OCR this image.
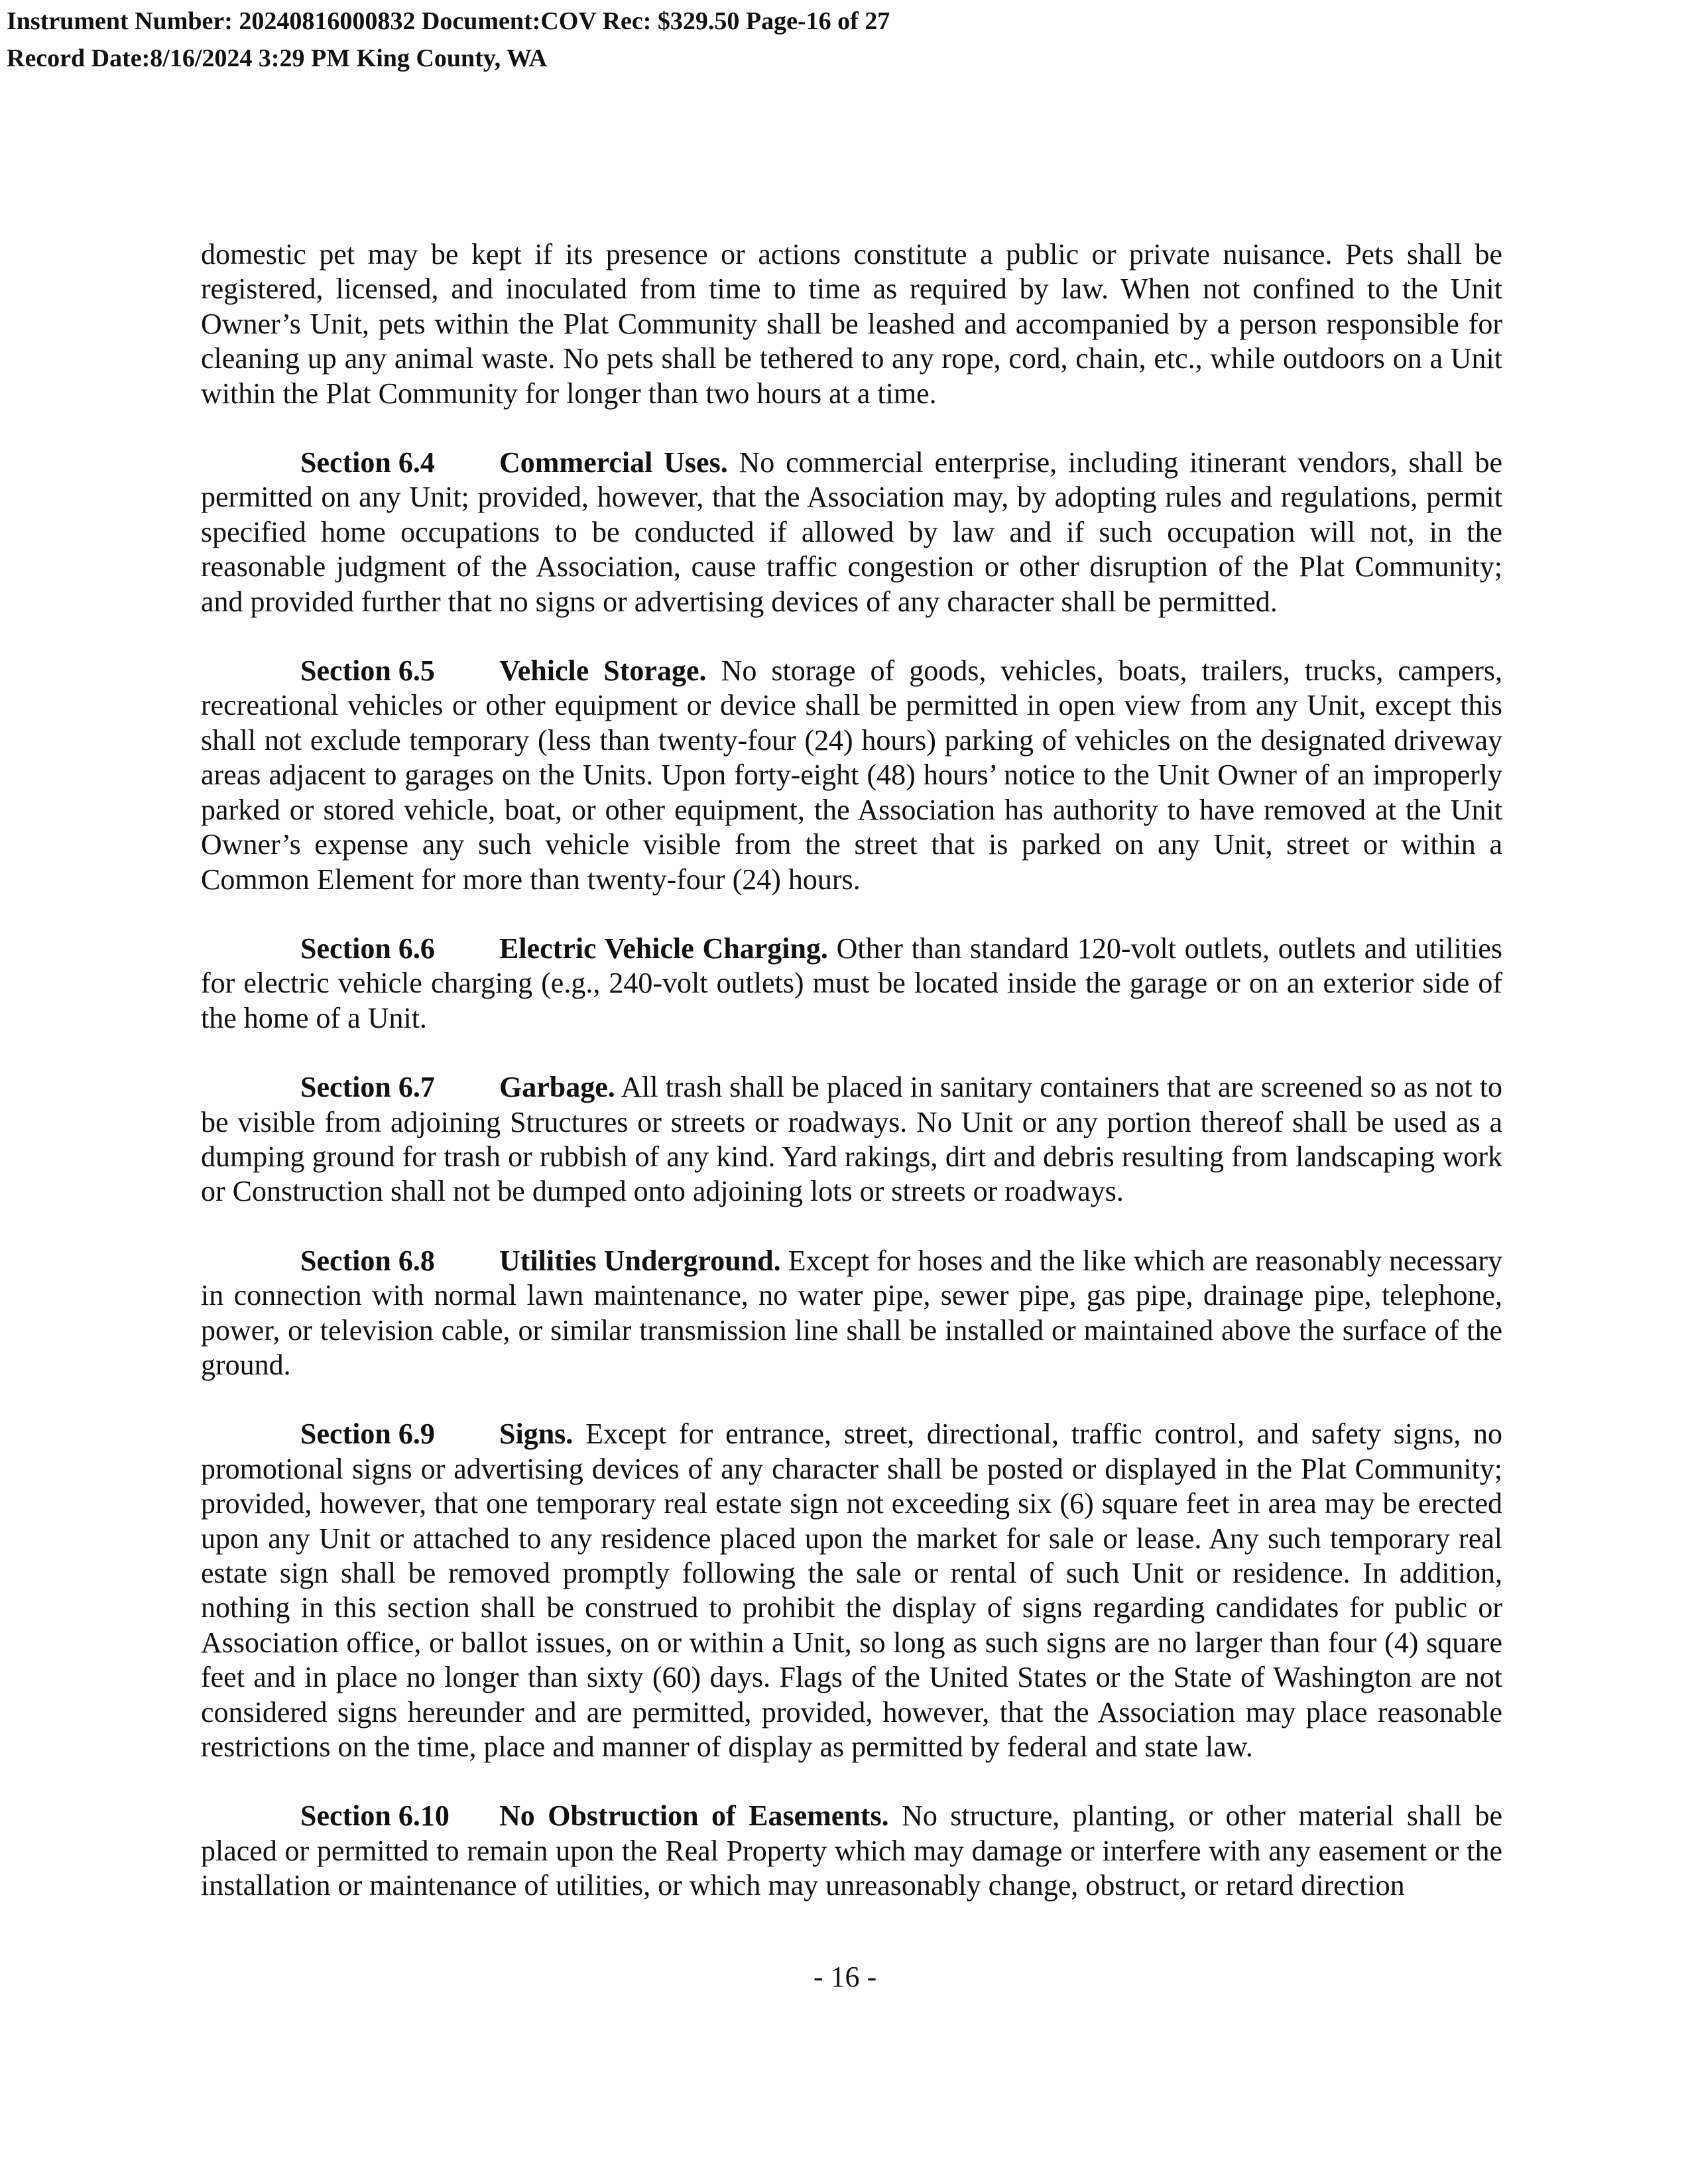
Instrument Number: 20240816000832 Document:COV Rec: $329.50 Page-16 of 27
Record Date:8/16/2024 3:29 PM King County, WA

domestic pet may be kept if its presence or actions constitute a public or private nuisance. Pets shall be registered, licensed, and inoculated from time to time as required by law. When not confined to the Unit Owner’s Unit, pets within the Plat Community shall be leashed and accompanied by a person responsible for cleaning up any animal waste. No pets shall be tethered to any rope, cord, chain, etc., while outdoors on a Unit within the Plat Community for longer than two hours at a time.

Section 6.4 Commercial Uses. No commercial enterprise, including itinerant vendors, shall be permitted on any Unit; provided, however, that the Association may, by adopting rules and regulations, permit specified home occupations to be conducted if allowed by law and if such occupation will not, in the reasonable judgment of the Association, cause traffic congestion or other disruption of the Plat Community; and provided further that no signs or advertising devices of any character shall be permitted.

Section 6.5 Vehicle Storage. No storage of goods, vehicles, boats, trailers, trucks, campers, recreational vehicles or other equipment or device shall be permitted in open view from any Unit, except this shall not exclude temporary (less than twenty-four (24) hours) parking of vehicles on the designated driveway areas adjacent to garages on the Units. Upon forty-eight (48) hours’ notice to the Unit Owner of an improperly parked or stored vehicle, boat, or other equipment, the Association has authority to have removed at the Unit Owner’s expense any such vehicle visible from the street that is parked on any Unit, street or within a Common Element for more than twenty-four (24) hours.

Section 6.6 Electric Vehicle Charging. Other than standard 120-volt outlets, outlets and utilities for electric vehicle charging (e.g., 240-volt outlets) must be located inside the garage or on an exterior side of the home of a Unit.

Section 6.7 Garbage. All trash shall be placed in sanitary containers that are screened so as not to be visible from adjoining Structures or streets or roadways. No Unit or any portion thereof shall be used as a dumping ground for trash or rubbish of any kind. Yard rakings, dirt and debris resulting from landscaping work or Construction shall not be dumped onto adjoining lots or streets or roadways.

Section 6.8 Utilities Underground. Except for hoses and the like which are reasonably necessary in connection with normal lawn maintenance, no water pipe, sewer pipe, gas pipe, drainage pipe, telephone, power, or television cable, or similar transmission line shall be installed or maintained above the surface of the ground.

Section 6.9 Signs. Except for entrance, street, directional, traffic control, and safety signs, no promotional signs or advertising devices of any character shall be posted or displayed in the Plat Community; provided, however, that one temporary real estate sign not exceeding six (6) square feet in area may be erected upon any Unit or attached to any residence placed upon the market for sale or lease. Any such temporary real estate sign shall be removed promptly following the sale or rental of such Unit or residence. In addition, nothing in this section shall be construed to prohibit the display of signs regarding candidates for public or Association office, or ballot issues, on or within a Unit, so long as such signs are no larger than four (4) square feet and in place no longer than sixty (60) days. Flags of the United States or the State of Washington are not considered signs hereunder and are permitted, provided, however, that the Association may place reasonable restrictions on the time, place and manner of display as permitted by federal and state law.

Section 6.10 No Obstruction of Easements. No structure, planting, or other material shall be placed or permitted to remain upon the Real Property which may damage or interfere with any easement or the installation or maintenance of utilities, or which may unreasonably change, obstruct, or retard direction

- 16 -
